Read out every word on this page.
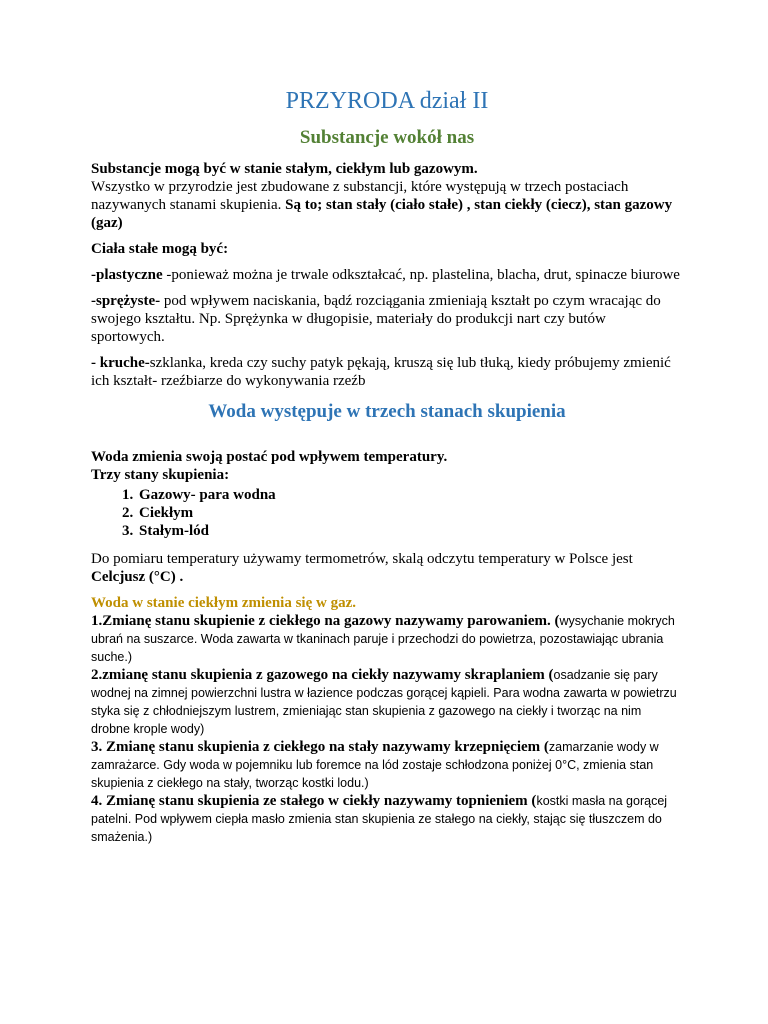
PRZYRODA dział II
Substancje wokół nas

Substancje mogą być w stanie stałym, ciekłym lub gazowym.
Wszystko w przyrodzie jest zbudowane z substancji, które występują w trzech postaciach nazywanych stanami skupienia. Są to; stan stały (ciało stałe) , stan ciekły (ciecz), stan gazowy (gaz)

Ciała stałe mogą być:

-plastyczne -ponieważ można je trwale odkształcać, np. plastelina, blacha, drut, spinacze biurowe

-sprężyste- pod wpływem naciskania, bądź rozciągania zmieniają kształt po czym wracając do swojego kształtu. Np. Sprężynka w długopisie, materiały do produkcji nart czy butów sportowych.

- kruche-szklanka, kreda czy suchy patyk pękają, kruszą się lub tłuką, kiedy próbujemy zmienić ich kształt- rzeźbiarze do wykonywania rzeźb

Woda występuje w trzech stanach skupienia

Woda zmienia swoją postać pod wpływem temperatury.

Trzy stany skupienia:

1. Gazowy- para wodna
2. Ciekłym
3. Stałym-lód

Do pomiaru temperatury używamy termometrów, skalą odczytu temperatury w Polsce jest Celcjusz (°C) .

Woda w stanie ciekłym zmienia się w gaz.

1.Zmianę stanu skupienie z ciekłego na gazowy nazywamy parowaniem. (wysychanie mokrych ubrań na suszarce. Woda zawarta w tkaninach paruje i przechodzi do powietrza, pozostawiając ubrania suche.)

2.zmianę stanu skupienia z gazowego na ciekły nazywamy skraplaniem (osadzanie się pary wodnej na zimnej powierzchni lustra w łazience podczas gorącej kąpieli. Para wodna zawarta w powietrzu styka się z chłodniejszym lustrem, zmieniając stan skupienia z gazowego na ciekły i tworząc na nim drobne krople wody)

3. Zmianę stanu skupienia z ciekłego na stały nazywamy krzepnięciem (zamarzanie wody w zamrażarce. Gdy woda w pojemniku lub foremce na lód zostaje schłodzona poniżej 0°C, zmienia stan skupienia z ciekłego na stały, tworząc kostki lodu.)

4. Zmianę stanu skupienia ze stałego w ciekły nazywamy topnieniem (kostki masła na gorącej patelni. Pod wpływem ciepła masło zmienia stan skupienia ze stałego na ciekły, stając się tłuszczem do smażenia.)
